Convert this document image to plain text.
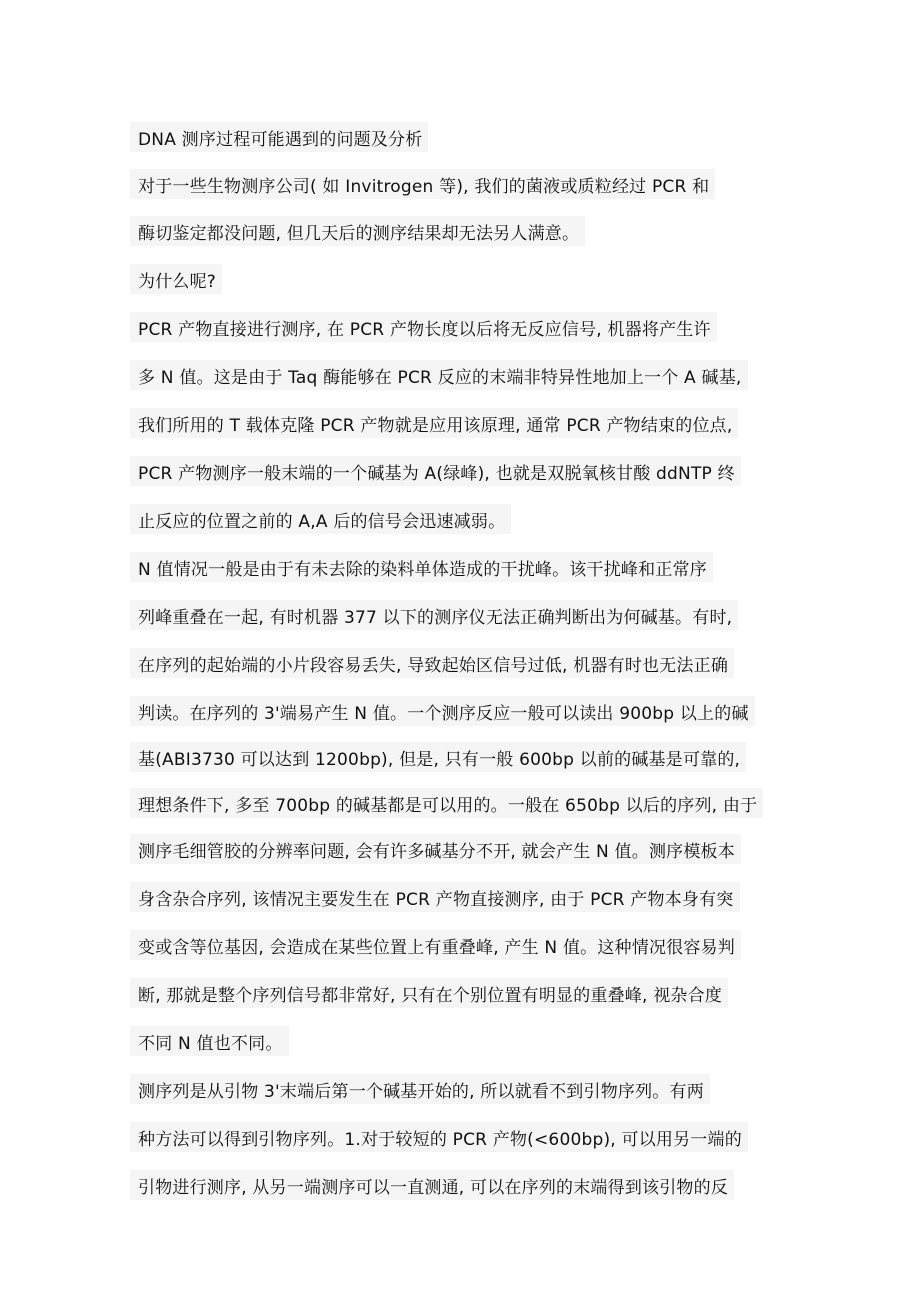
DNA 测序过程可能遇到的问题及分析
对于一些生物测序公司( 如 Invitrogen 等), 我们的菌液或质粒经过 PCR 和
酶切鉴定都没问题, 但几天后的测序结果却无法另人满意。
为什么呢?
PCR 产物直接进行测序, 在 PCR 产物长度以后将无反应信号, 机器将产生许
多 N 值。这是由于 Taq 酶能够在 PCR 反应的末端非特异性地加上一个 A 碱基,
我们所用的 T 载体克隆 PCR 产物就是应用该原理, 通常 PCR 产物结束的位点,
PCR 产物测序一般末端的一个碱基为 A(绿峰), 也就是双脱氧核甘酸 ddNTP 终
止反应的位置之前的 A,A 后的信号会迅速减弱。
N 值情况一般是由于有未去除的染料单体造成的干扰峰。该干扰峰和正常序
列峰重叠在一起, 有时机器 377 以下的测序仪无法正确判断出为何碱基。有时,
在序列的起始端的小片段容易丢失, 导致起始区信号过低, 机器有时也无法正确
判读。在序列的 3'端易产生 N 值。一个测序反应一般可以读出 900bp 以上的碱
基(ABI3730 可以达到 1200bp), 但是, 只有一般 600bp 以前的碱基是可靠的,
理想条件下, 多至 700bp 的碱基都是可以用的。一般在 650bp 以后的序列, 由于
测序毛细管胶的分辨率问题, 会有许多碱基分不开, 就会产生 N 值。测序模板本
身含杂合序列, 该情况主要发生在 PCR 产物直接测序, 由于 PCR 产物本身有突
变或含等位基因, 会造成在某些位置上有重叠峰, 产生 N 值。这种情况很容易判
断, 那就是整个序列信号都非常好, 只有在个别位置有明显的重叠峰, 视杂合度
不同 N 值也不同。
测序列是从引物 3'末端后第一个碱基开始的, 所以就看不到引物序列。有两
种方法可以得到引物序列。1.对于较短的 PCR 产物(<600bp), 可以用另一端的
引物进行测序, 从另一端测序可以一直测通, 可以在序列的末端得到该引物的反
